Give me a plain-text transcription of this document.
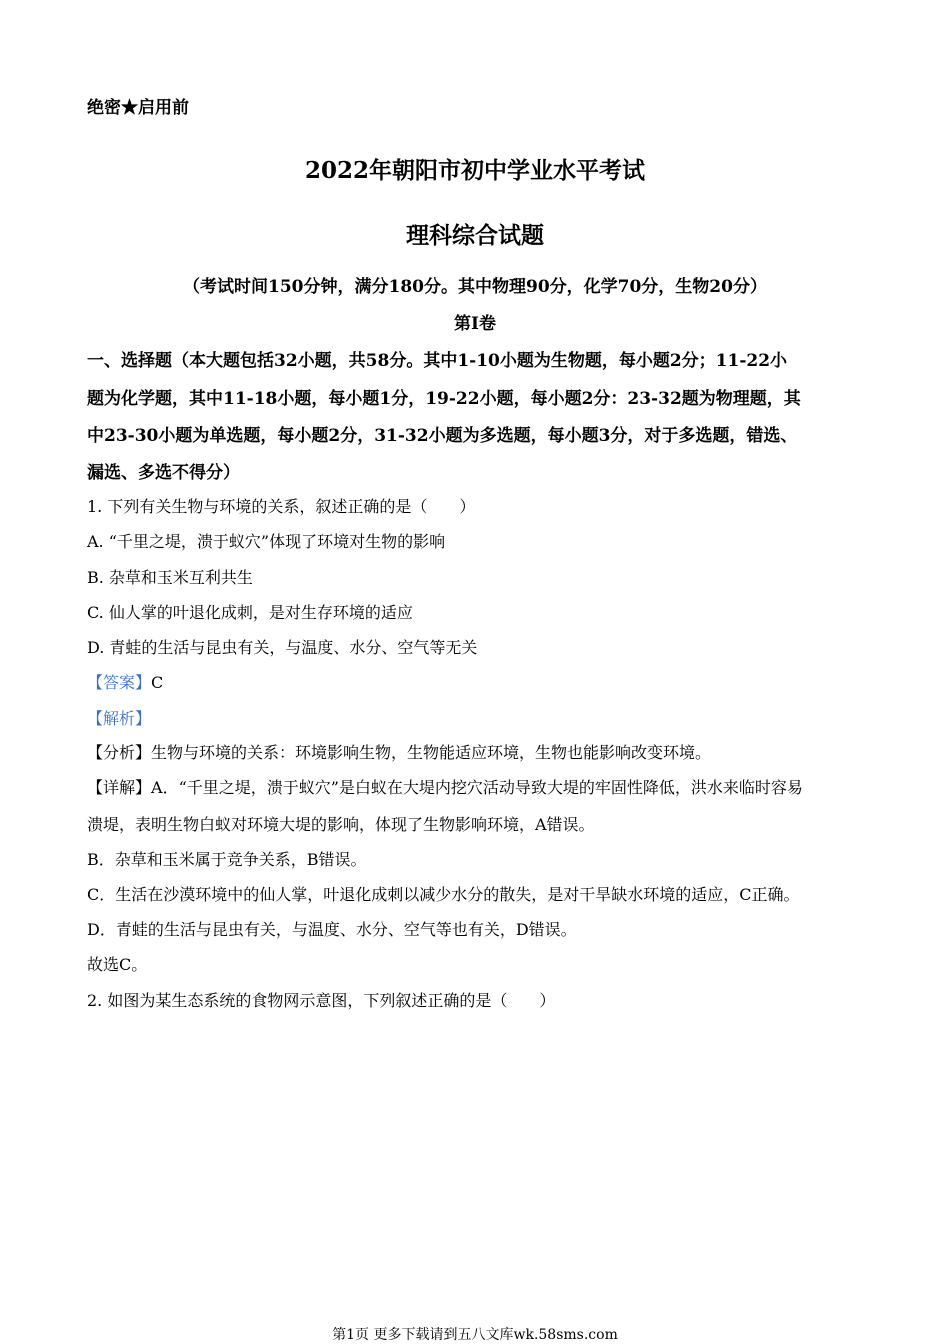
绝密★启用前
2022年朝阳市初中学业水平考试
理科综合试题
（考试时间150分钟，满分180分。其中物理90分，化学70分，生物20分）
第Ⅰ卷
一、选择题（本大题包括32小题，共58分。其中1-10小题为生物题，每小题2分；11-22小
题为化学题，其中11-18小题，每小题1分，19-22小题，每小题2分：23-32题为物理题，其
中23-30小题为单选题，每小题2分，31-32小题为多选题，每小题3分，对于多选题，错选、
漏选、多选不得分）
1. 下列有关生物与环境的关系，叙述正确的是（　　）
A. “千里之堤，溃于蚁穴”体现了环境对生物的影响
B. 杂草和玉米互利共生
C. 仙人掌的叶退化成刺，是对生存环境的适应
D. 青蛙的生活与昆虫有关，与温度、水分、空气等无关
【答案】C
【解析】
【分析】生物与环境的关系：环境影响生物，生物能适应环境，生物也能影响改变环境。
【详解】A．“千里之堤，溃于蚁穴”是白蚁在大堤内挖穴活动导致大堤的牢固性降低，洪水来临时容易
溃堤，表明生物白蚁对环境大堤的影响，体现了生物影响环境，A错误。
B．杂草和玉米属于竞争关系，B错误。
C．生活在沙漠环境中的仙人掌，叶退化成刺以减少水分的散失，是对干旱缺水环境的适应，C正确。
D．青蛙的生活与昆虫有关，与温度、水分、空气等也有关，D错误。
故选C。
2. 如图为某生态系统的食物网示意图，下列叙述正确的是（　　）
第1页 更多下载请到五八文库wk.58sms.com
